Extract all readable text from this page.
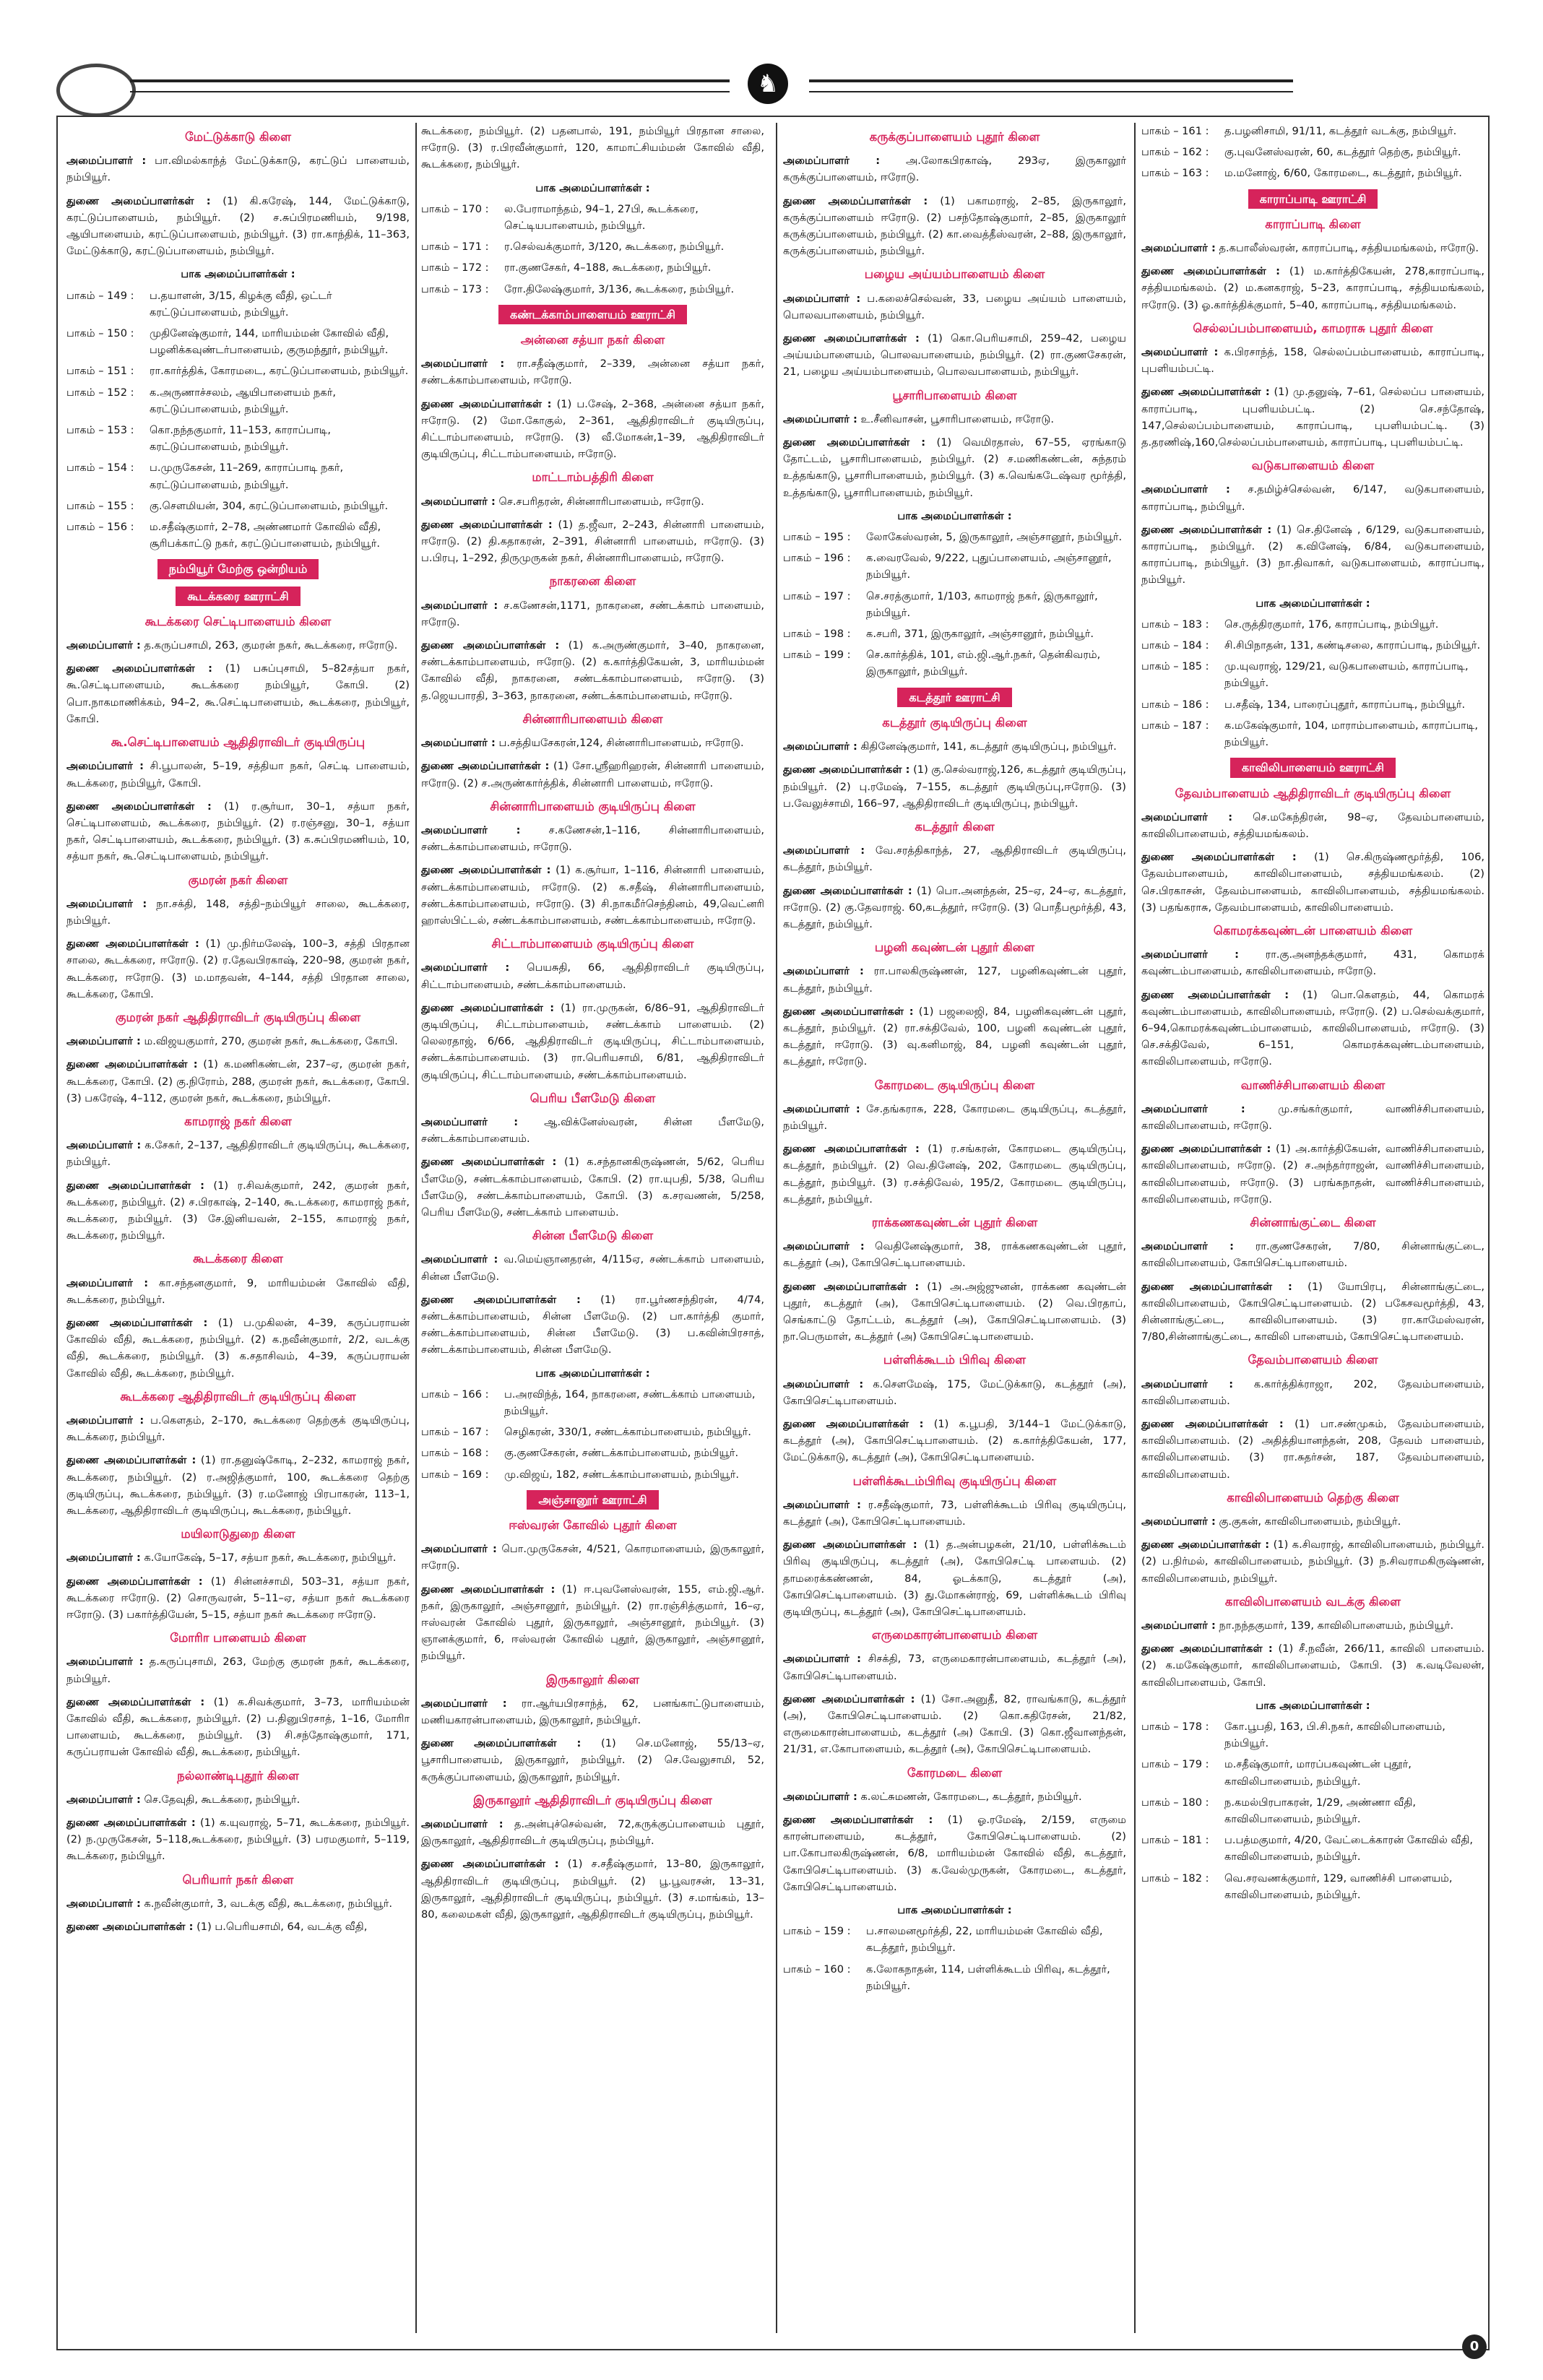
♞
மேட்டுக்காடு கிளை

அமைப்பாளர் : பா.விமல்காந்த் மேட்டுக்காடு, கரட்டுப் பாளையம், நம்பியூர்.

துணை அமைப்பாளர்கள் : (1) கி.கரேஷ், 144, மேட்டுக்காடு, கரட்டுப்பாளையம், நம்பியூர். (2) ச.சுப்பிரமணியம், 9/198, ஆயிபாளையம், கரட்டுப்பாளையம், நம்பியூர். (3) ரா.காந்திக், 11–363, மேட்டுக்காடு, கரட்டுப்பாளையம், நம்பியூர்.

பாக அமைப்பாளர்கள் :
பாகம் – 149 :	ப.தயாளன், 3/15, கிழக்கு வீதி, ஒட்டர் கரட்டுப்பாளையம், நம்பியூர்.
பாகம் – 150 :	முதினேஷ்குமார், 144, மாரியம்மன் கோவில் வீதி, பழனிக்கவுண்டர்பாளையம், குருமந்தூர், நம்பியூர்.
பாகம் – 151 :	ரா.கார்த்திக், கோரமடை, கரட்டுப்பாளையம், நம்பியூர்.
பாகம் – 152 :	க.அருணாச்சலம், ஆயிபாளையம் நகர், கரட்டுப்பாளையம், நம்பியூர்.
பாகம் – 153 :	கொ.நந்தகுமார், 11–153, காராப்பாடி, கரட்டுப்பாளையம், நம்பியூர்.
பாகம் – 154 :	ப.முருகேசன், 11–269, காராப்பாடி நகர், கரட்டுப்பாளையம், நம்பியூர்.
பாகம் – 155 :	கு.செளமியன், 304, கரட்டுப்பாளையம், நம்பியூர்.
பாகம் – 156 :	ம.சதீஷ்குமார், 2–78, அண்ணமார் கோவில் வீதி, சூரிபக்காட்டு நகர், கரட்டுப்பாளையம், நம்பியூர்.
நம்பியூர் மேற்கு ஒன்றியம்
கூடக்கரை ஊராட்சி
கூடக்கரை செட்டிபாளையம் கிளை

அமைப்பாளர் : த.கருப்பசாமி, 263, குமரன் நகர், கூடக்கரை, ஈரோடு.

துணை அமைப்பாளர்கள் : (1) பசுப்புசாமி, 5–82சத்யா நகர், கூ.செட்டிபாளையம், கூடக்கரை நம்பியூர், கோபி. (2) பொ.நாகமாணிக்கம், 94–2, கூ.செட்டிபாளையம், கூடக்கரை, நம்பியூர், கோபி.

கூ.செட்டிபாளையம் ஆதிதிராவிடர் குடியிருப்பு

அமைப்பாளர் : சி.பூபாலன், 5–19, சத்தியா நகர், செட்டி பாளையம், கூடக்கரை, நம்பியூர், கோபி.

துணை அமைப்பாளர்கள் : (1) ர.சூர்யா, 30–1, சத்யா நகர், செட்டிபாளையம், கூடக்கரை, நம்பியூர். (2) ர.ரஞ்சனு, 30–1, சத்யா நகர், செட்டிபாளையம், கூடக்கரை, நம்பியூர். (3) க.சுப்பிரமணியம், 10, சத்யா நகர், கூ.செட்டிபாளையம், நம்பியூர்.

குமரன் நகர் கிளை

அமைப்பாளர் : நா.சக்தி, 148, சத்தி–நம்பியூர் சாலை, கூடக்கரை, நம்பியூர்.

துணை அமைப்பாளர்கள் : (1) மு.நிர்மலேஷ், 100–3, சத்தி பிரதான சாலை, கூடக்கரை, ஈரோடு. (2) ர.தேவபிரகாஷ், 220–98, குமரன் நகர், கூடக்கரை, ஈரோடு. (3) ம.மாதவன், 4–144, சத்தி பிரதான சாலை, கூடக்கரை, கோபி.

குமரன் நகர் ஆதிதிராவிடர் குடியிருப்பு கிளை

அமைப்பாளர் : ம.விஜயகுமார், 270, குமரன் நகர், கூடக்கரை, கோபி.

துணை அமைப்பாளர்கள் : (1) க.மணிகண்டன், 237–ஏ, குமரன் நகர், கூடக்கரை, கோபி. (2) கு.நிரோம், 288, குமரன் நகர், கூடக்கரை, கோபி. (3) பகரேஷ், 4–112, குமரன் நகர், கூடக்கரை, நம்பியூர்.

காமராஜ் நகர் கிளை

அமைப்பாளர் : க.சேகர், 2–137, ஆதிதிராவிடர் குடியிருப்பு, கூடக்கரை, நம்பியூர்.

துணை அமைப்பாளர்கள் : (1) ர.சிவக்குமார், 242, குமரன் நகர், கூடக்கரை, நம்பியூர். (2) ச.பிரகாஷ், 2–140, கூ.டக்கரை, காமராஜ் நகர், கூடக்கரை, நம்பியூர். (3) சே.இனியவன், 2–155, காமராஜ் நகர், கூடக்கரை, நம்பியூர்.

கூடக்கரை கிளை

அமைப்பாளர் : கா.சந்தனகுமார், 9, மாரியம்மன் கோவில் வீதி, கூடக்கரை, நம்பியூர்.

துணை அமைப்பாளர்கள் : (1) ப.முகிலன், 4–39, கருப்பராயன் கோவில் வீதி, கூடக்கரை, நம்பியூர். (2) க.நவீன்குமார், 2/2, வடக்கு வீதி, கூடக்கரை, நம்பியூர். (3) க.சதாசிவம், 4–39, கருப்பராயன் கோவில் வீதி, கூடக்கரை, நம்பியூர்.

கூடக்கரை ஆதிதிராவிடர் குடியிருப்பு கிளை

அமைப்பாளர் : ப.கௌதம், 2–170, கூடக்கரை தெற்குக் குடியிருப்பு, கூடக்கரை, நம்பியூர்.

துணை அமைப்பாளர்கள் : (1) ரா.தனுஷ்கோடி, 2–232, காமராஜ் நகர், கூடக்கரை, நம்பியூர். (2) ர.அஜித்குமார், 100, கூடக்கரை தெற்கு குடியிருப்பு, கூடக்கரை, நம்பியூர். (3) ர.மனோஜ் பிரபாகரன், 113–1, கூடக்கரை, ஆதிதிராவிடர் குடியிருப்பு, கூடக்கரை, நம்பியூர்.

மயிலாடுதுறை கிளை

அமைப்பாளர் : க.யோகேஷ், 5–17, சத்யா நகர், கூடக்கரை, நம்பியூர்.

துணை அமைப்பாளர்கள் : (1) சின்னச்சாமி, 503–31, சத்யா நகர், கூடக்கரை ஈரோடு. (2) சொருவரன், 5–11–ஏ, சத்யா நகர் கூடக்கரை ஈரோடு. (3) பகார்த்தியேன், 5–15, சத்யா நகர் கூடக்கரை ஈரோடு.

மோரிா பாளையம் கிளை

அமைப்பாளர் : த.கருப்புசாமி, 263, மேற்கு குமரன் நகர், கூடக்கரை, நம்பியூர்.

துணை அமைப்பாளர்கள் : (1) க.சிவக்குமார், 3–73, மாரியம்மன் கோவில் வீதி, கூடக்கரை, நம்பியூர். (2) ப.தினுபிரசாத், 1–16, மோரிா பாளையம், கூடக்கரை, நம்பியூர். (3) சி.சந்தோஷ்குமார், 171, கருப்பராயன் கோவில் வீதி, கூடக்கரை, நம்பியூர்.

நல்லாண்டிபுதூர் கிளை

அமைப்பாளர் : செ.தேவுதி, கூடக்கரை, நம்பியூர்.

துணை அமைப்பாளர்கள் : (1) க.யுவராஜ், 5–71, கூடக்கரை, நம்பியூர். (2) ந.முருகேசன், 5–118,கூடக்கரை, நம்பியூர். (3) பரமகுமார், 5–119, கூடக்கரை, நம்பியூர்.

பெரியார் நகர் கிளை

அமைப்பாளர் : க.நவீன்குமார், 3, வடக்கு வீதி, கூடக்கரை, நம்பியூர்.

துணை அமைப்பாளர்கள் : (1) ப.பெரியசாமி, 64, வடக்கு வீதி,

கூடக்கரை, நம்பியூர். (2) பதனபால், 191, நம்பியூர் பிரதான சாலை, ஈரோடு. (3) ர.பிரவீன்குமார், 120, காமாட்சியம்மன் கோவில் வீதி, கூடக்கரை, நம்பியூர்.

பாக அமைப்பாளர்கள் :
பாகம் – 170 :	ல.பேராமாந்தம், 94–1, 27பி, கூடக்கரை, செட்டியபாளையம், நம்பியூர்.
பாகம் – 171 :	ர.செல்வக்குமார், 3/120, கூடக்கரை, நம்பியூர்.
பாகம் – 172 :	ரா.குணசேகர், 4–188, கூடக்கரை, நம்பியூர்.
பாகம் – 173 :	ரோ.திலேஷ்குமார், 3/136, கூடக்கரை, நம்பியூர்.
கண்டக்காம்பாளையம் ஊராட்சி
அன்னை சத்யா நகர் கிளை

அமைப்பாளர் : ரா.சதீஷ்குமார், 2–339, அன்னை சத்யா நகர், சண்டக்காம்பாளையம், ஈரோடு.

துணை அமைப்பாளர்கள் : (1) ப.சேஷ், 2–368, அன்னை சத்யா நகர், ஈரோடு. (2) மோ.கோகுல், 2–361, ஆதிதிராவிடர் குடியிருப்பு, சிட்டாம்பாளையம், ஈரோடு. (3) வீ.மோகன்,1–39, ஆதிதிராவிடர் குடியிருப்பு, சிட்டாம்பாளையம், ஈரோடு.

மாட்டாம்பத்திரி கிளை

அமைப்பாளர் : செ.சபரிதரன், சின்னாரிபாளையம், ஈரோடு.

துணை அமைப்பாளர்கள் : (1) த.ஜீவா, 2–243, சின்னாரி பாளையம், ஈரோடு. (2) தி.கதாகரன், 2–391, சின்னாரி பாளையம், ஈரோடு. (3) ப.பிரபு, 1–292, திருமுருகன் நகர், சின்னாரிபாளையம், ஈரோடு.

நாகரனை கிளை

அமைப்பாளர் : ச.கணேசன்,1171, நாகரனை, சண்டக்காம் பாளையம், ஈரோடு.

துணை அமைப்பாளர்கள் : (1) க.அருண்குமார், 3–40, நாகரனை, சண்டக்காம்பாளையம், ஈரோடு. (2) க.கார்த்திகேயன், 3, மாரியம்மன் கோவில் வீதி, நாகரனை, சண்டக்காம்பாளையம், ஈரோடு. (3) த.ஜெயபாரதி, 3–363, நாகரனை, சண்டக்காம்பாளையம், ஈரோடு.

சின்னாரிபாளையம் கிளை

அமைப்பாளர் : ப.சத்தியசேகரன்,124, சின்னாரிபாளையம், ஈரோடு.

துணை அமைப்பாளர்கள் : (1) சோ.ஸ்ரீஹரிஹரன், சின்னாரி பாளையம், ஈரோடு. (2) ச.அருண்கார்த்திக், சின்னாரி பாளையம், ஈரோடு.

சின்னாரிபாளையம் குடியிருப்பு கிளை

அமைப்பாளர் : ச.கணேசன்,1–116, சின்னாரிபாளையம், சண்டக்காம்பாளையம், ஈரோடு.

துணை அமைப்பாளர்கள் : (1) க.சூர்யா, 1–116, சின்னாரி பாளையம், சண்டக்காம்பாளையம், ஈரோடு. (2) க.சதீஷ், சின்னாரிபாளையம், சண்டக்காம்பாளையம், ஈரோடு. (3) சி.நாகமீர்செந்தினம், 49,வெட்னரி ஹாஸ்பிட்டல், சண்டக்காம்பாளையம், சண்டக்காம்பாளையம், ஈரோடு.

சிட்டாம்பாளையம் குடியிருப்பு கிளை

அமைப்பாளர் : பெயசுதி, 66, ஆதிதிராவிடர் குடியிருப்பு, சிட்டாம்பாளையம், சண்டக்காம்பாளையம்.

துணை அமைப்பாளர்கள் : (1) ரா.முருகன், 6/86–91, ஆதிதிராவிடர் குடியிருப்பு, சிட்டாம்பாளையம், சண்டக்காம் பாளையம். (2) லெலரதாஜ், 6/66, ஆதிதிராவிடர் குடியிருப்பு, சிட்டாம்பாளையம், சண்டக்காம்பாளையம். (3) ரா.பெரியசாமி, 6/81, ஆதிதிராவிடர் குடியிருப்பு, சிட்டாம்பாளையம், சண்டக்காம்பாளையம்.

பெரிய பீளமேடு கிளை

அமைப்பாளர் : ஆ.விக்னேஸ்வரன், சின்ன பீளமேடு, சண்டக்காம்பாளையம்.

துணை அமைப்பாளர்கள் : (1) க.சந்தானகிருஷ்ணன், 5/62, பெரிய பீளமேடு, சண்டக்காம்பாளையம், கோபி. (2) ரா.யுபதி, 5/38, பெரிய பீளமேடு, சண்டக்காம்பாளையம், கோபி. (3) க.சரவணன், 5/258, பெரிய பீளமேடு, சண்டக்காம் பாளையம்.

சின்ன பீளமேடு கிளை

அமைப்பாளர் : வ.மெய்ஞானதரன், 4/115ஏ, சண்டக்காம் பாளையம், சின்ன பீளமேடு.

துணை அமைப்பாளர்கள் : (1) ரா.பூர்ணசந்திரன், 4/74, சண்டக்காம்பாளையம், சின்ன பீளமேடு. (2) பா.கார்த்தி குமார், சண்டக்காம்பாளையம், சின்ன பீளமேடு. (3) ப.கவின்பிரசாத், சண்டக்காம்பாளையம், சின்ன பீளமேடு.

பாக அமைப்பாளர்கள் :
பாகம் – 166 :	ப.அரவிந்த், 164, நாகரனை, சண்டக்காம் பாளையம், நம்பியூர்.
பாகம் – 167 :	செழிகரன், 330/1, சண்டக்காம்பாளையம், நம்பியூர்.
பாகம் – 168 :	கு.குணசேகரன், சண்டக்காம்பாளையம், நம்பியூர்.
பாகம் – 169 :	மு.விஜய், 182, சண்டக்காம்பாளையம், நம்பியூர்.
அஞ்சானூர் ஊராட்சி
ஈஸ்வரன் கோவில் புதூர் கிளை

அமைப்பாளர் : பொ.முருகேசன், 4/521, கொரமாளையம், இருகாலூர், ஈரோடு.

துணை அமைப்பாளர்கள் : (1) ஈ.புவனேஸ்வரன், 155, எம்.ஜி.ஆர். நகர், இருகாலூர், அஞ்சானூர், நம்பியூர். (2) ரா.ரஞ்சித்குமார், 16–ஏ, ஈஸ்வரன் கோவில் புதூர், இருகாலூர், அஞ்சானூர், நம்பியூர். (3) ஞானக்குமார், 6, ஈஸ்வரன் கோவில் புதூர், இருகாலூர், அஞ்சானூர், நம்பியூர்.

இருகாலூர் கிளை

அமைப்பாளர் : ரா.ஆர்யபிரசாந்த், 62, பனங்காட்டுபாளையம், மணியகாரன்பாளையம், இருகாலூர், நம்பியூர்.

துணை அமைப்பாளர்கள் : (1) செ.மனோஜ், 55/13–ஏ, பூசாரிபாளையம், இருகாலூர், நம்பியூர். (2) செ.வேலுசாமி, 52, கருக்குப்பாளையம், இருகாலூர், நம்பியூர்.

இருகாலூர் ஆதிதிராவிடர் குடியிருப்பு கிளை

அமைப்பாளர் : த.அன்புச்செல்வன், 72,கருக்குப்பாளையம் புதூர், இருகாலூர், ஆதிதிராவிடர் குடியிருப்பு, நம்பியூர்.

துணை அமைப்பாளர்கள் : (1) ச.சதீஷ்குமார், 13–80, இருகாலூர், ஆதிதிராவிடர் குடியிருப்பு, நம்பியூர். (2) பூ.பூவரசன், 13–31, இருகாலூர், ஆதிதிராவிடர் குடியிருப்பு, நம்பியூர். (3) ச.மாங்கம், 13–80, கலைமகள் வீதி, இருகாலூர், ஆதிதிராவிடர் குடியிருப்பு, நம்பியூர்.

கருக்குப்பாளையம் புதூர் கிளை

அமைப்பாளர் : அ.லோகபிரகாஷ், 293ஏ, இருகாலூர் கருக்குப்பாளையம், ஈரோடு.

துணை அமைப்பாளர்கள் : (1) பகாமராஜ், 2–85, இருகாலூர், கருக்குப்பாளையம் ஈரோடு. (2) பசந்தோஷ்குமார், 2–85, இருகாலூர் கருக்குப்பாளையம், நம்பியூர். (2) கா.வைத்தீஸ்வரன், 2–88, இருகாலூர், கருக்குப்பாளையம், நம்பியூர்.

பழைய அய்யம்பாளையம் கிளை

அமைப்பாளர் : ப.கலைச்செல்வன், 33, பழைய அய்யம் பாளையம், பொலவபாளையம், நம்பியூர்.

துணை அமைப்பாளர்கள் : (1) கொ.பெரியசாமி, 259–42, பழைய அய்யம்பாளையம், பொலவபாளையம், நம்பியூர். (2) ரா.குணசேகரன், 21, பழைய அய்யம்பாளையம், பொலவபாளையம், நம்பியூர்.

பூசாரிபாளையம் கிளை

அமைப்பாளர் : உ.சீனிவாசன், பூசாரிபாளையம், ஈரோடு.

துணை அமைப்பாளர்கள் : (1) வெமிரதாஸ், 67–55, ஏரங்காடு தோட்டம், பூசாரிபாளையம், நம்பியூர். (2) ச.மணிகண்டன், சுந்தரம் உத்தங்காடு, பூசாரிபாளையம், நம்பியூர். (3) க.வெங்கடேஷ்வர மூர்த்தி, உத்தங்காடு, பூசாரிபாளையம், நம்பியூர்.

பாக அமைப்பாளர்கள் :
பாகம் – 195 :	லோகேஸ்வரன், 5, இருகாலூர், அஞ்சானூர், நம்பியூர்.
பாகம் – 196 :	க.வைரவேல், 9/222, புதுப்பாளையம், அஞ்சானூர், நம்பியூர்.
பாகம் – 197 :	செ.சரத்குமார், 1/103, காமராஜ் நகர், இருகாலூர், நம்பியூர்.
பாகம் – 198 :	க.சபரி, 371, இருகாலூர், அஞ்சானூர், நம்பியூர்.
பாகம் – 199 :	செ.கார்த்திக், 101, எம்.ஜி.ஆர்.நகர், தென்கிவரம், இருகாலூர், நம்பியூர்.
கடத்தூர் ஊராட்சி
கடத்தூர் குடியிருப்பு கிளை

அமைப்பாளர் : கிதினேஷ்குமார், 141, கடத்தூர் குடியிருப்பு, நம்பியூர்.

துணை அமைப்பாளர்கள் : (1) கு.செல்வராஜ்,126, கடத்தூர் குடியிருப்பு, நம்பியூர். (2) பு.ரமேஷ், 7–155, கடத்தூர் குடியிருப்பு,ஈரோடு. (3) ப.வேலுச்சாமி, 166–97, ஆதிதிராவிடர் குடியிருப்பு, நம்பியூர்.

கடத்தூர் கிளை

அமைப்பாளர் : வே.சரத்திகாந்த், 27, ஆதிதிராவிடர் குடியிருப்பு, கடத்தூர், நம்பியூர்.

துணை அமைப்பாளர்கள் : (1) பொ.அனந்தன், 25–ஏ, 24–ஏ, கடத்தூர், ஈரோடு. (2) கு.தேவராஜ். 60,கடத்தூர், ஈரோடு. (3) பொதீபமூர்த்தி, 43, கடத்தூர், நம்பியூர்.

பழனி கவுண்டன் புதூர் கிளை

அமைப்பாளர் : ரா.பாலகிருஷ்ணன், 127, பழனிகவுண்டன் புதூர், கடத்தூர், நம்பியூர்.

துணை அமைப்பாளர்கள் : (1) பஜலைஜி, 84, பழனிகவுண்டன் புதூர், கடத்தூர், நம்பியூர். (2) ரா.சக்திவேல், 100, பழனி கவுண்டன் புதூர், கடத்தூர், ஈரோடு. (3) வு.கனிமாஜ், 84, பழனி கவுண்டன் புதூர், கடத்தூர், ஈரோடு.

கோரமடை குடியிருப்பு கிளை

அமைப்பாளர் : சே.தங்கராசு, 228, கோரமடை குடியிருப்பு, கடத்தூர், நம்பியூர்.

துணை அமைப்பாளர்கள் : (1) ர.சங்கரன், கோரமடை குடியிருப்பு, கடத்தூர், நம்பியூர். (2) வெ.தினேஷ், 202, கோரமடை குடியிருப்பு, கடத்தூர், நம்பியூர். (3) ர.சக்திவேல், 195/2, கோரமடை குடியிருப்பு, கடத்தூர், நம்பியூர்.

ராக்கணகவுண்டன் புதூர் கிளை

அமைப்பாளர் : வெதினேஷ்குமார், 38, ராக்கணகவுண்டன் புதூர், கடத்தூர் (அ), கோபிசெட்டிபாளையம்.

துணை அமைப்பாளர்கள் : (1) அ.அஜ்ஜுனன், ராக்கண கவுண்டன் புதூர், கடத்தூர் (அ), கோபிசெட்டிபாளையம். (2) வெ.பிரதாப், செங்காட்டு தோட்டம், கடத்தூர் (அ), கோபிசெட்டிபாளையம். (3) நா.பெருமாள், கடத்தூர் (அ) கோபிசெட்டிபாளையம்.

பள்ளிக்கூடம் பிரிவு கிளை

அமைப்பாளர் : க.செளமேஷ், 175, மேட்டுக்காடு, கடத்தூர் (அ), கோபிசெட்டிபாளையம்.

துணை அமைப்பாளர்கள் : (1) க.பூபதி, 3/144–1 மேட்டுக்காடு, கடத்தூர் (அ), கோபிசெட்டிபாளையம். (2) க.கார்த்திகேயன், 177, மேட்டுக்காடு, கடத்தூர் (அ), கோபிசெட்டிபாளையம்.

பள்ளிக்கூடம்பிரிவு குடியிருப்பு கிளை

அமைப்பாளர் : ர.சதீஷ்குமார், 73, பள்ளிக்கூடம் பிரிவு குடியிருப்பு, கடத்தூர் (அ), கோபிசெட்டிபாளையம்.

துணை அமைப்பாளர்கள் : (1) த.அன்பழகன், 21/10, பள்ளிக்கூடம் பிரிவு குடியிருப்பு, கடத்தூர் (அ), கோபிசெட்டி பாளையம். (2) தாமரைக்கண்ணன், 84, ஓடக்காடு, கடத்தூர் (அ), கோபிசெட்டிபாளையம். (3) து.மோகன்ராஜ், 69, பள்ளிக்கூடம் பிரிவு குடியிருப்பு, கடத்தூர் (அ), கோபிசெட்டிபாளையம்.

எருமைகாரன்பாளையம் கிளை

அமைப்பாளர் : சிசக்தி, 73, எருமைகாரன்பாளையம், கடத்தூர் (அ), கோபிசெட்டிபாளையம்.

துணை அமைப்பாளர்கள் : (1) சோ.அனுதீ, 82, ராவங்காடு, கடத்தூர் (அ), கோபிசெட்டிபாளையம். (2) கொ.கதிரேசன், 21/82, எருமைகாரன்பாளையம், கடத்தூர் (அ) கோபி. (3) கொ.ஜீவானந்தன், 21/31, எ.கோபாளையம், கடத்தூர் (அ), கோபிசெட்டிபாளையம்.

கோரமடை கிளை

அமைப்பாளர் : க.லட்சுமணன், கோரமடை, கடத்தூர், நம்பியூர்.

துணை அமைப்பாளர்கள் : (1) ஓ.ரமேஷ், 2/159, எருமை காரன்பாளையம், கடத்தூர், கோபிசெட்டிபாளையம். (2) பா.கோபாலகிருஷ்ணன், 6/8, மாரியம்மன் கோவில் வீதி, கடத்தூர், கோபிசெட்டிபாளையம். (3) க.வேல்முருகன், கோரமடை, கடத்தூர், கோபிசெட்டிபாளையம்.

பாக அமைப்பாளர்கள் :
பாகம் – 159 :	ப.சாலமனமூர்த்தி, 22, மாரியம்மன் கோவில் வீதி, கடத்தூர், நம்பியூர்.
பாகம் – 160 :	க.லோகநாதன், 114, பள்ளிக்கூடம் பிரிவு, கடத்தூர், நம்பியூர்.
பாகம் – 161 :	த.பழனிசாமி, 91/11, கடத்தூர் வடக்கு, நம்பியூர்.
பாகம் – 162 :	கு.புவனேஸ்வரன், 60, கடத்தூர் தெற்கு, நம்பியூர்.
பாகம் – 163 :	ம.மனோஜ், 6/60, கோரமடை, கடத்தூர், நம்பியூர்.
காராப்பாடி ஊராட்சி
காராப்பாடி கிளை

அமைப்பாளர் : த.கபாலீஸ்வரன், காராப்பாடி, சத்தியமங்கலம், ஈரோடு.

துணை அமைப்பாளர்கள் : (1) ம.கார்த்திகேயன், 278,காராப்பாடி, சத்தியமங்கலம். (2) ம.கனகராஜ், 5–23, காராப்பாடி, சத்தியமங்கலம், ஈரோடு. (3) ஓ.கார்த்திக்குமார், 5–40, காராப்பாடி, சத்தியமங்கலம்.

செல்லப்பம்பாளையம், காமராசு புதூர் கிளை

அமைப்பாளர் : க.பிரசாந்த், 158, செல்லப்பம்பாளையம், காராப்பாடி, புபளியம்பட்டி.

துணை அமைப்பாளர்கள் : (1) மு.தனுஷ், 7–61, செல்லப்ப பாளையம், காராப்பாடி, புபளியம்பட்டி. (2) செ.சந்தோஷ், 147,செல்லப்பம்பாளையம், காராப்பாடி, புபளியம்பட்டி. (3) த.தரணிஷ்,160,செல்லப்பம்பாளையம், காராப்பாடி, புபளியம்பட்டி.

வடுகபாளையம் கிளை

அமைப்பாளர் : ச.தமிழ்ச்செல்வன், 6/147, வடுகபாளையம், காராப்பாடி, நம்பியூர்.

துணை அமைப்பாளர்கள் : (1) செ.தினேஷ் , 6/129, வடுகபாளையம், காராப்பாடி, நம்பியூர். (2) க.வினேஷ், 6/84, வடுகபாளையம், காராப்பாடி, நம்பியூர். (3) நா.திவாகர், வடுகபாளையம், காராப்பாடி, நம்பியூர்.

பாக அமைப்பாளர்கள் :
பாகம் – 183 :	செ.ருத்திரகுமார், 176, காராப்பாடி, நம்பியூர்.
பாகம் – 184 :	சி.சிபிநாதன், 131, கண்டிசலை, காராப்பாடி, நம்பியூர்.
பாகம் – 185 :	மு.யுவராஜ், 129/21, வடுகபாளையம், காராப்பாடி, நம்பியூர்.
பாகம் – 186 :	ப.சதீஷ், 134, பாரைப்புதூர், காராப்பாடி, நம்பியூர்.
பாகம் – 187 :	க.மகேஷ்குமார், 104, மாராம்பாளையம், காராப்பாடி, நம்பியூர்.
காவிலிபாளையம் ஊராட்சி
தேவம்பாளையம் ஆதிதிராவிடர் குடியிருப்பு கிளை

அமைப்பாளர் : செ.மகேந்திரன், 98–ஏ, தேவம்பாளையம், காவிலிபாளையம், சத்தியமங்கலம்.

துணை அமைப்பாளர்கள் : (1) செ.கிருஷ்ணமூர்த்தி, 106, தேவம்பாளையம், காவிலிபாளையம், சத்தியமங்கலம். (2) செ.பிரகாசன், தேவம்பாளையம், காவிலிபாளையம், சத்தியமங்கலம். (3) பதங்கராசு, தேவம்பாளையம், காவிலிபாளையம்.

கொமரக்கவுண்டன் பாளையம் கிளை

அமைப்பாளர் : ரா.கு.அனந்தக்குமார், 431, கொமரக் கவுண்டம்பாளையம், காவிலிபாளையம், ஈரோடு.

துணை அமைப்பாளர்கள் : (1) பொ.கௌதம், 44, கொமரக் கவுண்டம்பாளையம், காவிலிபாளையம், ஈரோடு. (2) ப.செல்வக்குமார், 6–94,கொமரக்கவுண்டம்பாளையம், காவிலிபாளையம், ஈரோடு. (3) செ.சக்திவேல், 6–151, கொமரக்கவுண்டம்பாளையம், காவிலிபாளையம், ஈரோடு.

வாணிச்சிபாளையம் கிளை

அமைப்பாளர் : மு.சங்கர்குமார், வாணிச்சிபாளையம், காவிலிபாளையம், ஈரோடு.

துணை அமைப்பாளர்கள் : (1) அ.கார்த்திகேயன், வாணிச்சிபாளையம், காவிலிபாளையம், ஈரோடு. (2) ச.அந்தர்ராஜன், வாணிச்சிபாளையம், காவிலிபாளையம், ஈரோடு. (3) பரங்கநாதன், வாணிச்சிபாளையம், காவிலிபாளையம், ஈரோடு.

சின்னாங்குட்டை கிளை

அமைப்பாளர் : ரா.குணசேகரன், 7/80, சின்னாங்குட்டை, காவிலிபாளையம், கோபிசெட்டிபாளையம்.

துணை அமைப்பாளர்கள் : (1) யோபிரபு, சின்னாங்குட்டை, காவிலிபாளையம், கோபிசெட்டிபாளையம். (2) பகேசவமூர்த்தி, 43, சின்னாங்குட்டை, காவிலிபாளையம். (3) ரா.காமேஸ்வரன், 7/80,சின்னாங்குட்டை, காவிலி பாளையம், கோபிசெட்டிபாளையம்.

தேவம்பாளையம் கிளை

அமைப்பாளர் : க.கார்த்திக்ராஜா, 202, தேவம்பாளையம், காவிலிபாளையம்.

துணை அமைப்பாளர்கள் : (1) பா.சண்முகம், தேவம்பாளையம், காவிலிபாளையம். (2) அதித்தியானந்தன், 208, தேவம் பாளையம், காவிலிபாளையம். (3) ரா.சுதர்சன், 187, தேவம்பாளையம், காவிலிபாளையம்.

காவிலிபாளையம் தெற்கு கிளை

அமைப்பாளர் : கு.குகன், காவிலிபாளையம், நம்பியூர்.

துணை அமைப்பாளர்கள் : (1) க.சிவராஜ், காவிலிபாளையம், நம்பியூர். (2) ப.நிர்மல், காவிலிபாளையம், நம்பியூர். (3) ந.சிவராமகிருஷ்ணன், காவிலிபாளையம், நம்பியூர்.

காவிலிபாளையம் வடக்கு கிளை

அமைப்பாளர் : நா.நந்தகுமார், 139, காவிலிபாளையம், நம்பியூர்.

துணை அமைப்பாளர்கள் : (1) சீ.நவீன், 266/11, காவிலி பாளையம். (2) க.மகேஷ்குமார், காவிலிபாளையம், கோபி. (3) க.வடிவேலன், காவிலிபாளையம், கோபி.

பாக அமைப்பாளர்கள் :
பாகம் – 178 :	கோ.பூபதி, 163, பி.சி.நகர், காவிலிபாளையம், நம்பியூர்.
பாகம் – 179 :	ம.சதீஷ்குமார், மாரப்பகவுண்டன் புதூர், காவிலிபாளையம், நம்பியூர்.
பாகம் – 180 :	ந.கமல்பிரபாகரன், 1/29, அண்ணா வீதி, காவிலிபாளையம், நம்பியூர்.
பாகம் – 181 :	ப.பத்மகுமார், 4/20, வேட்டைக்காரன் கோவில் வீதி, காவிலிபாளையம், நம்பியூர்.
பாகம் – 182 :	வெ.சரவணக்குமார், 129, வாணிச்சி பாளையம், காவிலிபாளையம், நம்பியூர்.
0
